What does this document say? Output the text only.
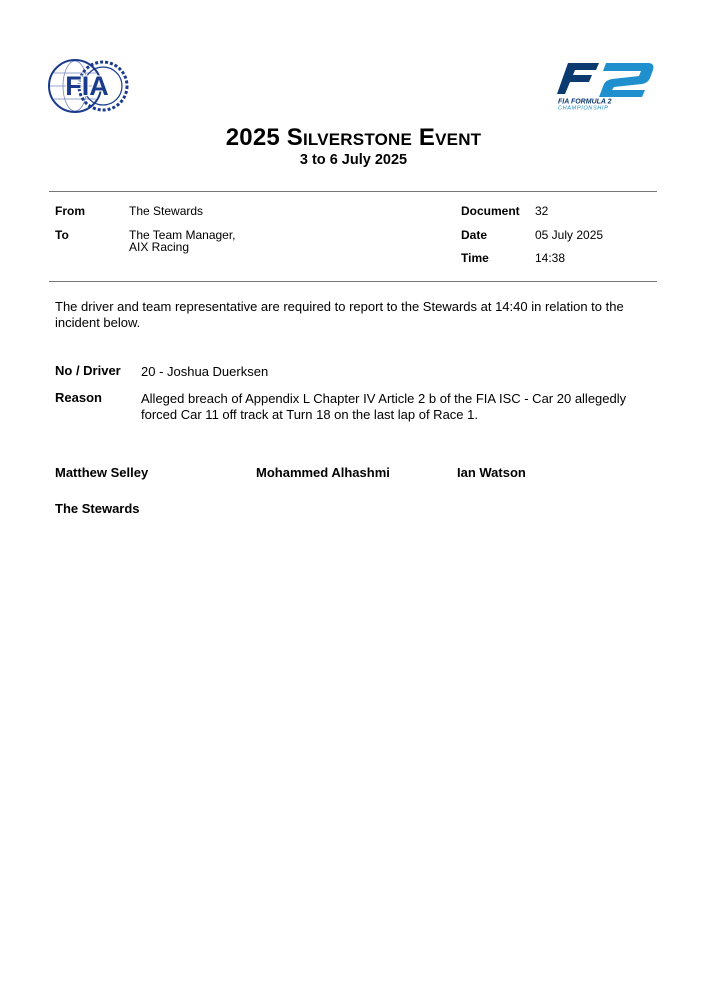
FIA
FIA FORMULA 2
CHAMPIONSHIP
2025 Silverstone Event
3 to 6 July 2025
From	The Stewards
To	The Team Manager,
AIX Racing
Document 32
Date	05 July 2025
Time	14:38
The driver and team representative are required to report to the Stewards at 14:40 in relation to the incident below.
No / Driver 20 - Joshua Duerksen
Reason	Alleged breach of Appendix L Chapter IV Article 2 b of the FIA ISC - Car 20 allegedly forced Car 11 off track at Turn 18 on the last lap of Race 1.
Matthew Selley	Mohammed Alhashmi	Ian Watson
The Stewards
